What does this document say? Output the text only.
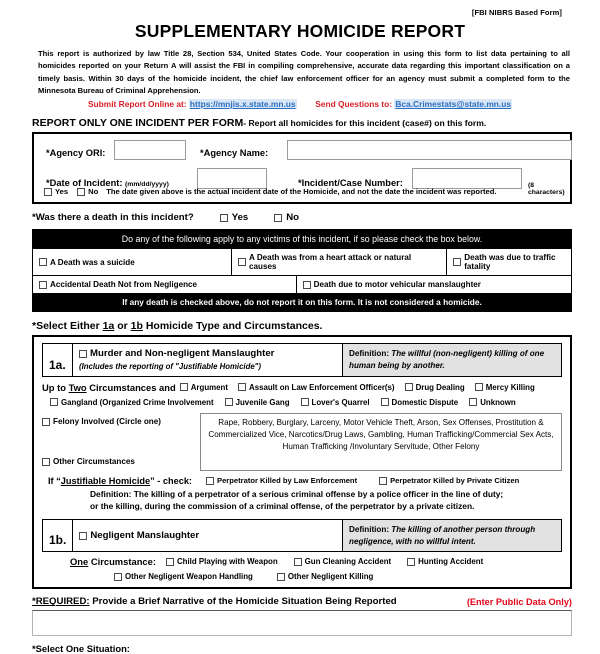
[FBI NIBRS Based Form]
SUPPLEMENTARY HOMICIDE REPORT
This report is authorized by law Title 28, Section 534, United States Code. Your cooperation in using this form to list data pertaining to all homicides reported on your Return A will assist the FBI in compiling comprehensive, accurate data regarding this important classification on a timely basis. Within 30 days of the homicide incident, the chief law enforcement officer for an agency must submit a completed form to the Minnesota Bureau of Criminal Apprehension.
Submit Report Online at: https://mnjis.x.state.mn.us Send Questions to: Bca.Crimestats@state.mn.us
REPORT ONLY ONE INCIDENT PER FORM- Report all homicides for this incident (case#) on this form.
*Agency ORI:	*Agency Name:
*Date of Incident: (mm/dd/yyyy)	*Incident/Case Number:	(8 characters)
Yes	No The date given above is the actual incident date of the Homicide, and not the date the incident was reported.
*Was there a death in this incident?	Yes	No
Do any of the following apply to any victims of this incident, if so please check the box below.
A Death was a suicide	A Death was from a heart attack or natural causes
Death was due to traffic fatality
Accidental Death Not from Negligence	Death due to motor vehicular manslaughter
If any death is checked above, do not report it on this form. It is not considered a homicide.
*Select Either 1a or 1b Homicide Type and Circumstances.
1a.
Murder and Non-negligent Manslaughter
(Includes the reporting of "Justifiable Homicide")
Definition: The willful (non-negligent) killing of one human being by another.
Up to Two Circumstances and Argument	Assault on Law Enforcement Officer(s)	Drug Dealing	Mercy Killing
Gangland (Organized Crime Involvement	Juvenile Gang	Lover's Quarrel	Domestic Dispute	Unknown
Felony Involved (Circle one)
Other Circumstances
Rape, Robbery, Burglary, Larceny, Motor Vehicle Theft, Arson, Sex Offenses, Prostitution & Commercialized Vice, Narcotics/Drug Laws, Gambling, Human Trafficking/Commercial Sex Acts, Human Trafficking /Involuntary Servitude, Other Felony
If “Justifiable Homicide” - check:	Perpetrator Killed by Law Enforcement	Perpetrator Killed by Private Citizen
Definition: The killing of a perpetrator of a serious criminal offense by a police officer in the line of duty;
or the killing, during the commission of a criminal offense, of the perpetrator by a private citizen.
1b.	Negligent Manslaughter
Definition: The killing of another person through negligence, with no willful intent.
One Circumstance:	Child Playing with Weapon	Gun Cleaning Accident	Hunting Accident
Other Negligent Weapon Handling	Other Negligent Killing
*REQUIRED: Provide a Brief Narrative of the Homicide Situation Being Reported	(Enter Public Data Only)
*Select One Situation:
